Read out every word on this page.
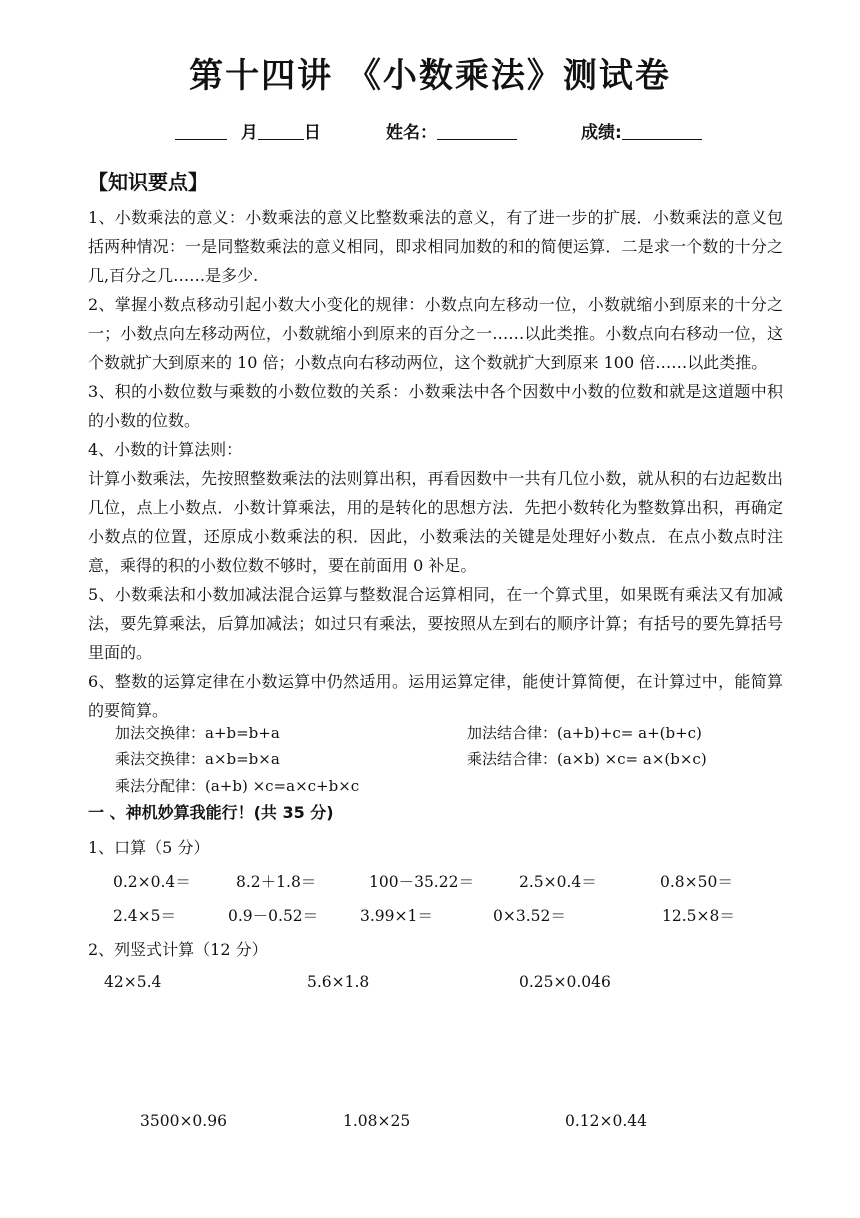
第十四讲 《小数乘法》测试卷
月	日	姓名：	成绩:
【知识要点】

1、小数乘法的意义：小数乘法的意义比整数乘法的意义，有了进一步的扩展．小数乘法的意义包括两种情况：一是同整数乘法的意义相同，即求相同加数的和的简便运算．二是求一个数的十分之几,百分之几……是多少.

2、掌握小数点移动引起小数大小变化的规律：小数点向左移动一位，小数就缩小到原来的十分之一；小数点向左移动两位，小数就缩小到原来的百分之一……以此类推。小数点向右移动一位，这个数就扩大到原来的 10 倍；小数点向右移动两位，这个数就扩大到原来 100 倍……以此类推。

3、积的小数位数与乘数的小数位数的关系：小数乘法中各个因数中小数的位数和就是这道题中积的小数的位数。

4、小数的计算法则：

计算小数乘法，先按照整数乘法的法则算出积，再看因数中一共有几位小数，就从积的右边起数出几位，点上小数点．小数计算乘法，用的是转化的思想方法．先把小数转化为整数算出积，再确定小数点的位置，还原成小数乘法的积．因此，小数乘法的关键是处理好小数点．在点小数点时注意，乘得的积的小数位数不够时，要在前面用 0 补足。

5、小数乘法和小数加减法混合运算与整数混合运算相同，在一个算式里，如果既有乘法又有加减法，要先算乘法，后算加减法；如过只有乘法，要按照从左到右的顺序计算；有括号的要先算括号里面的。

6、整数的运算定律在小数运算中仍然适用。运用运算定律，能使计算简便，在计算过中，能简算的要简算。

加法交换律：a+b=b+a	加法结合律：(a+b)+c= a+(b+c)
乘法交换律：a×b=b×a	乘法结合律：(a×b) ×c= a×(b×c)
乘法分配律：(a+b) ×c=a×c+b×c
一 、神机妙算我能行！(共 35 分)
1、口算（5 分）
0.2×0.4＝	8.2＋1.8＝	100－35.22＝	2.5×0.4＝	0.8×50＝
2.4×5＝	0.9－0.52＝	3.99×1＝	0×3.52＝	12.5×8＝
2、列竖式计算（12 分）
42×5.4	5.6×1.8	0.25×0.046
3500×0.96	1.08×25	0.12×0.44
